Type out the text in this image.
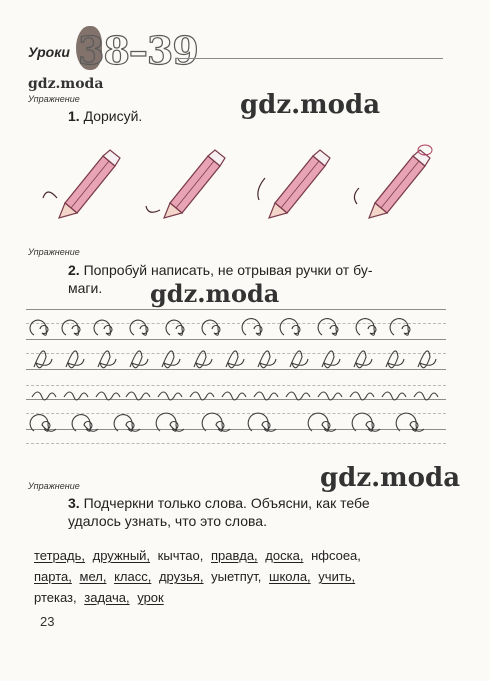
Уроки 38–39
gdz.moda
Упражнение
1. Дорисуй.	gdz.moda
Упражнение
2. Попробуй написать, не отрывая ручки от бу-
маги.	gdz.moda
gdz.moda
Упражнение
3. Подчеркни только слова. Объясни, как тебе
удалось узнать, что это слова.
тетрадь, дружный, кычтао, правда, доска, нфсоеа,
парта, мел, класс, друзья, уыетпут, школа, учить,
ртеказ, задача, урок
23
